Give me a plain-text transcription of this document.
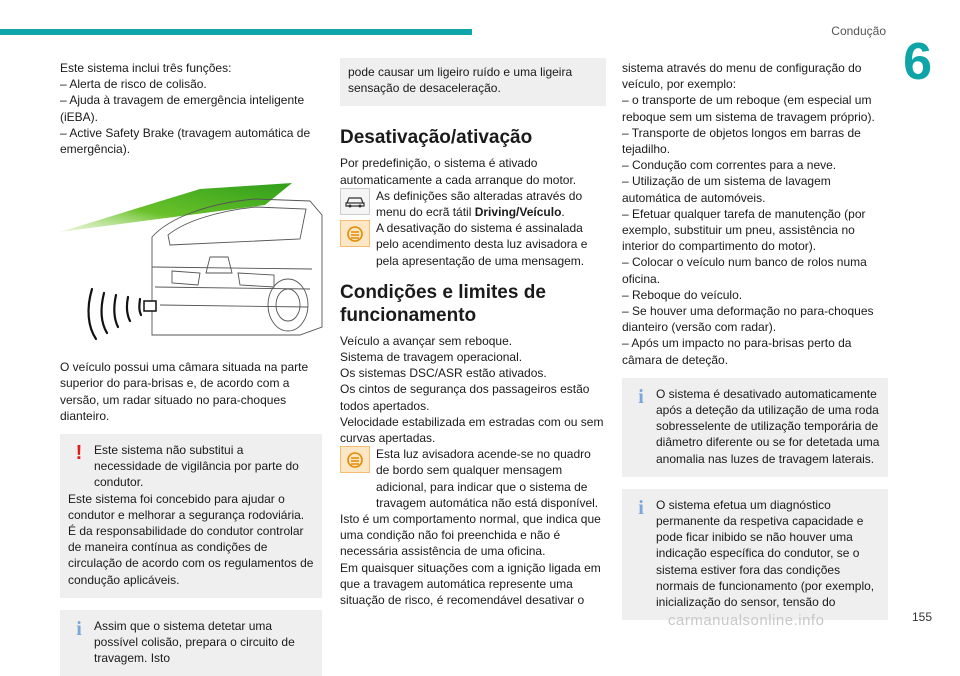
Condução
6

Este sistema inclui três funções:

– Alerta de risco de colisão.

– Ajuda à travagem de emergência inteligente (iEBA).

– Active Safety Brake (travagem automática de emergência).

O veículo possui uma câmara situada na parte superior do para-brisas e, de acordo com a versão, um radar situado no para-choques dianteiro.

! Este sistema não substitui a necessidade de vigilância por parte do condutor.

Este sistema foi concebido para ajudar o condutor e melhorar a segurança rodoviária.

É da responsabilidade do condutor controlar de maneira contínua as condições de circulação de acordo com os regulamentos de condução aplicáveis.

i	Assim que o sistema detetar uma possível colisão, prepara o circuito de travagem. Isto

pode causar um ligeiro ruído e uma ligeira sensação de desaceleração.

Desativação/ativação

Por predefinição, o sistema é ativado automaticamente a cada arranque do motor.

As definições são alteradas através do menu do ecrã tátil Driving/Veículo.

A desativação do sistema é assinalada pelo acendimento desta luz avisadora e pela apresentação de uma mensagem.

Condições e limites de funcionamento

Veículo a avançar sem reboque.

Sistema de travagem operacional.

Os sistemas DSC/ASR estão ativados.

Os cintos de segurança dos passageiros estão todos apertados.

Velocidade estabilizada em estradas com ou sem curvas apertadas.

Esta luz avisadora acende-se no quadro de bordo sem qualquer mensagem adicional, para indicar que o sistema de travagem automática não está disponível.

Isto é um comportamento normal, que indica que uma condição não foi preenchida e não é necessária assistência de uma oficina.

Em quaisquer situações com a ignição ligada em que a travagem automática represente uma situação de risco, é recomendável desativar o

sistema através do menu de configuração do veículo, por exemplo:

– o transporte de um reboque (em especial um reboque sem um sistema de travagem próprio).

– Transporte de objetos longos em barras de tejadilho.

– Condução com correntes para a neve.

– Utilização de um sistema de lavagem automática de automóveis.

– Efetuar qualquer tarefa de manutenção (por exemplo, substituir um pneu, assistência no interior do compartimento do motor).

– Colocar o veículo num banco de rolos numa oficina.

– Reboque do veículo.

– Se houver uma deformação no para-choques dianteiro (versão com radar).

– Após um impacto no para-brisas perto da câmara de deteção.

i	O sistema é desativado automaticamente após a deteção da utilização de uma roda sobresselente de utilização temporária de diâmetro diferente ou se for detetada uma anomalia nas luzes de travagem laterais.

i	O sistema efetua um diagnóstico permanente da respetiva capacidade e pode ficar inibido se não houver uma indicação específica do condutor, se o sistema estiver fora das condições normais de funcionamento (por exemplo, inicialização do sensor, tensão do

carmanualsonline.info	155
